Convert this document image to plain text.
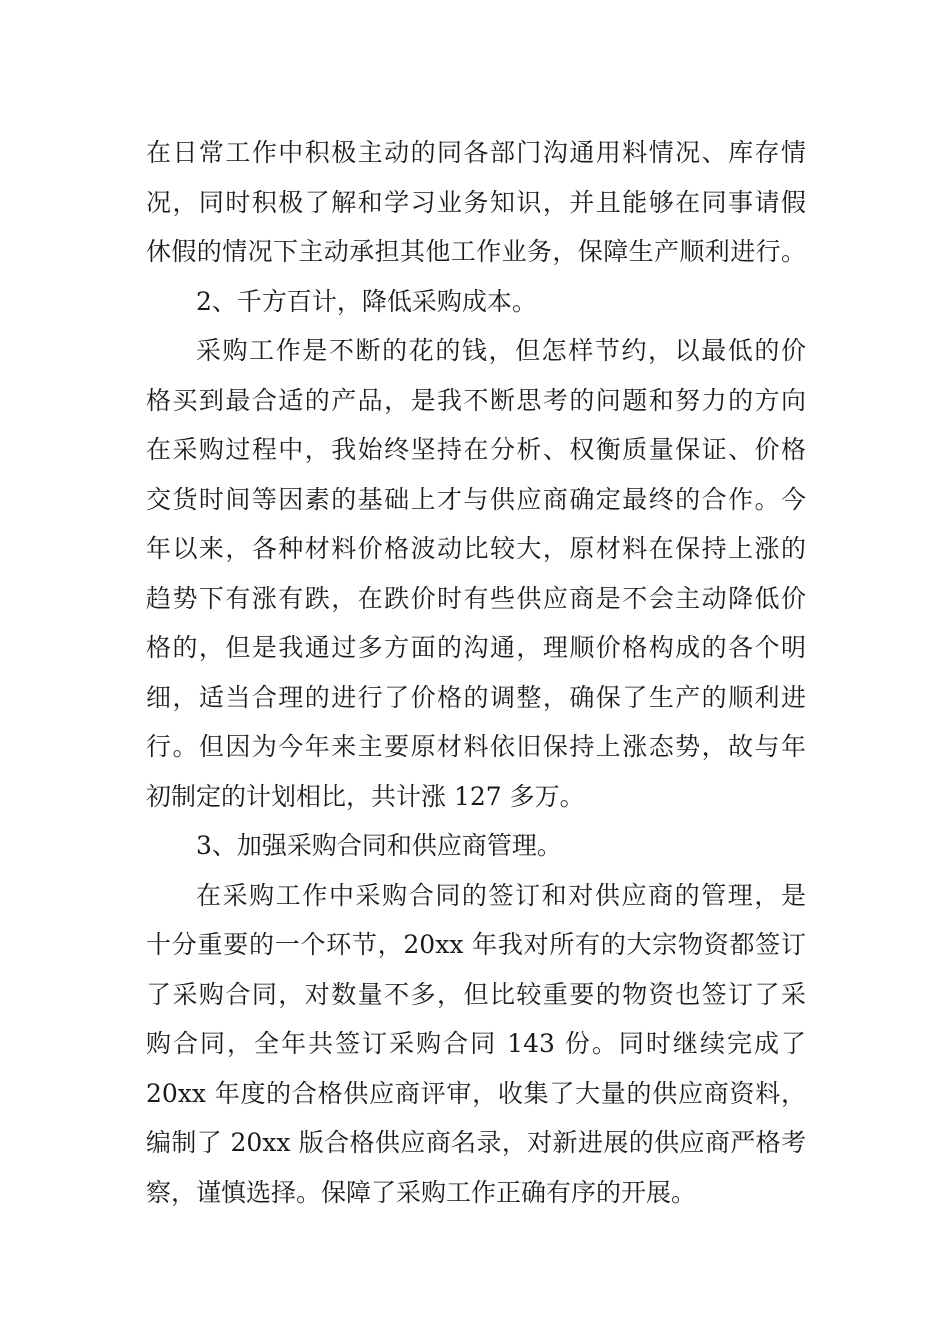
在日常工作中积极主动的同各部门沟通用料情况、库存情
况，同时积极了解和学习业务知识，并且能够在同事请假
休假的情况下主动承担其他工作业务，保障生产顺利进行。
2、千方百计，降低采购成本。
采购工作是不断的花的钱，但怎样节约，以最低的价
格买到最合适的产品，是我不断思考的问题和努力的方向
在采购过程中，我始终坚持在分析、权衡质量保证、价格
交货时间等因素的基础上才与供应商确定最终的合作。今
年以来，各种材料价格波动比较大，原材料在保持上涨的
趋势下有涨有跌，在跌价时有些供应商是不会主动降低价
格的，但是我通过多方面的沟通，理顺价格构成的各个明
细，适当合理的进行了价格的调整，确保了生产的顺利进
行。但因为今年来主要原材料依旧保持上涨态势，故与年
初制定的计划相比，共计涨 127 多万。
3、加强采购合同和供应商管理。
在采购工作中采购合同的签订和对供应商的管理，是
十分重要的一个环节，20xx 年我对所有的大宗物资都签订
了采购合同，对数量不多，但比较重要的物资也签订了采
购合同，全年共签订采购合同 143 份。同时继续完成了
20xx 年度的合格供应商评审，收集了大量的供应商资料，
编制了 20xx 版合格供应商名录，对新进展的供应商严格考
察，谨慎选择。保障了采购工作正确有序的开展。
